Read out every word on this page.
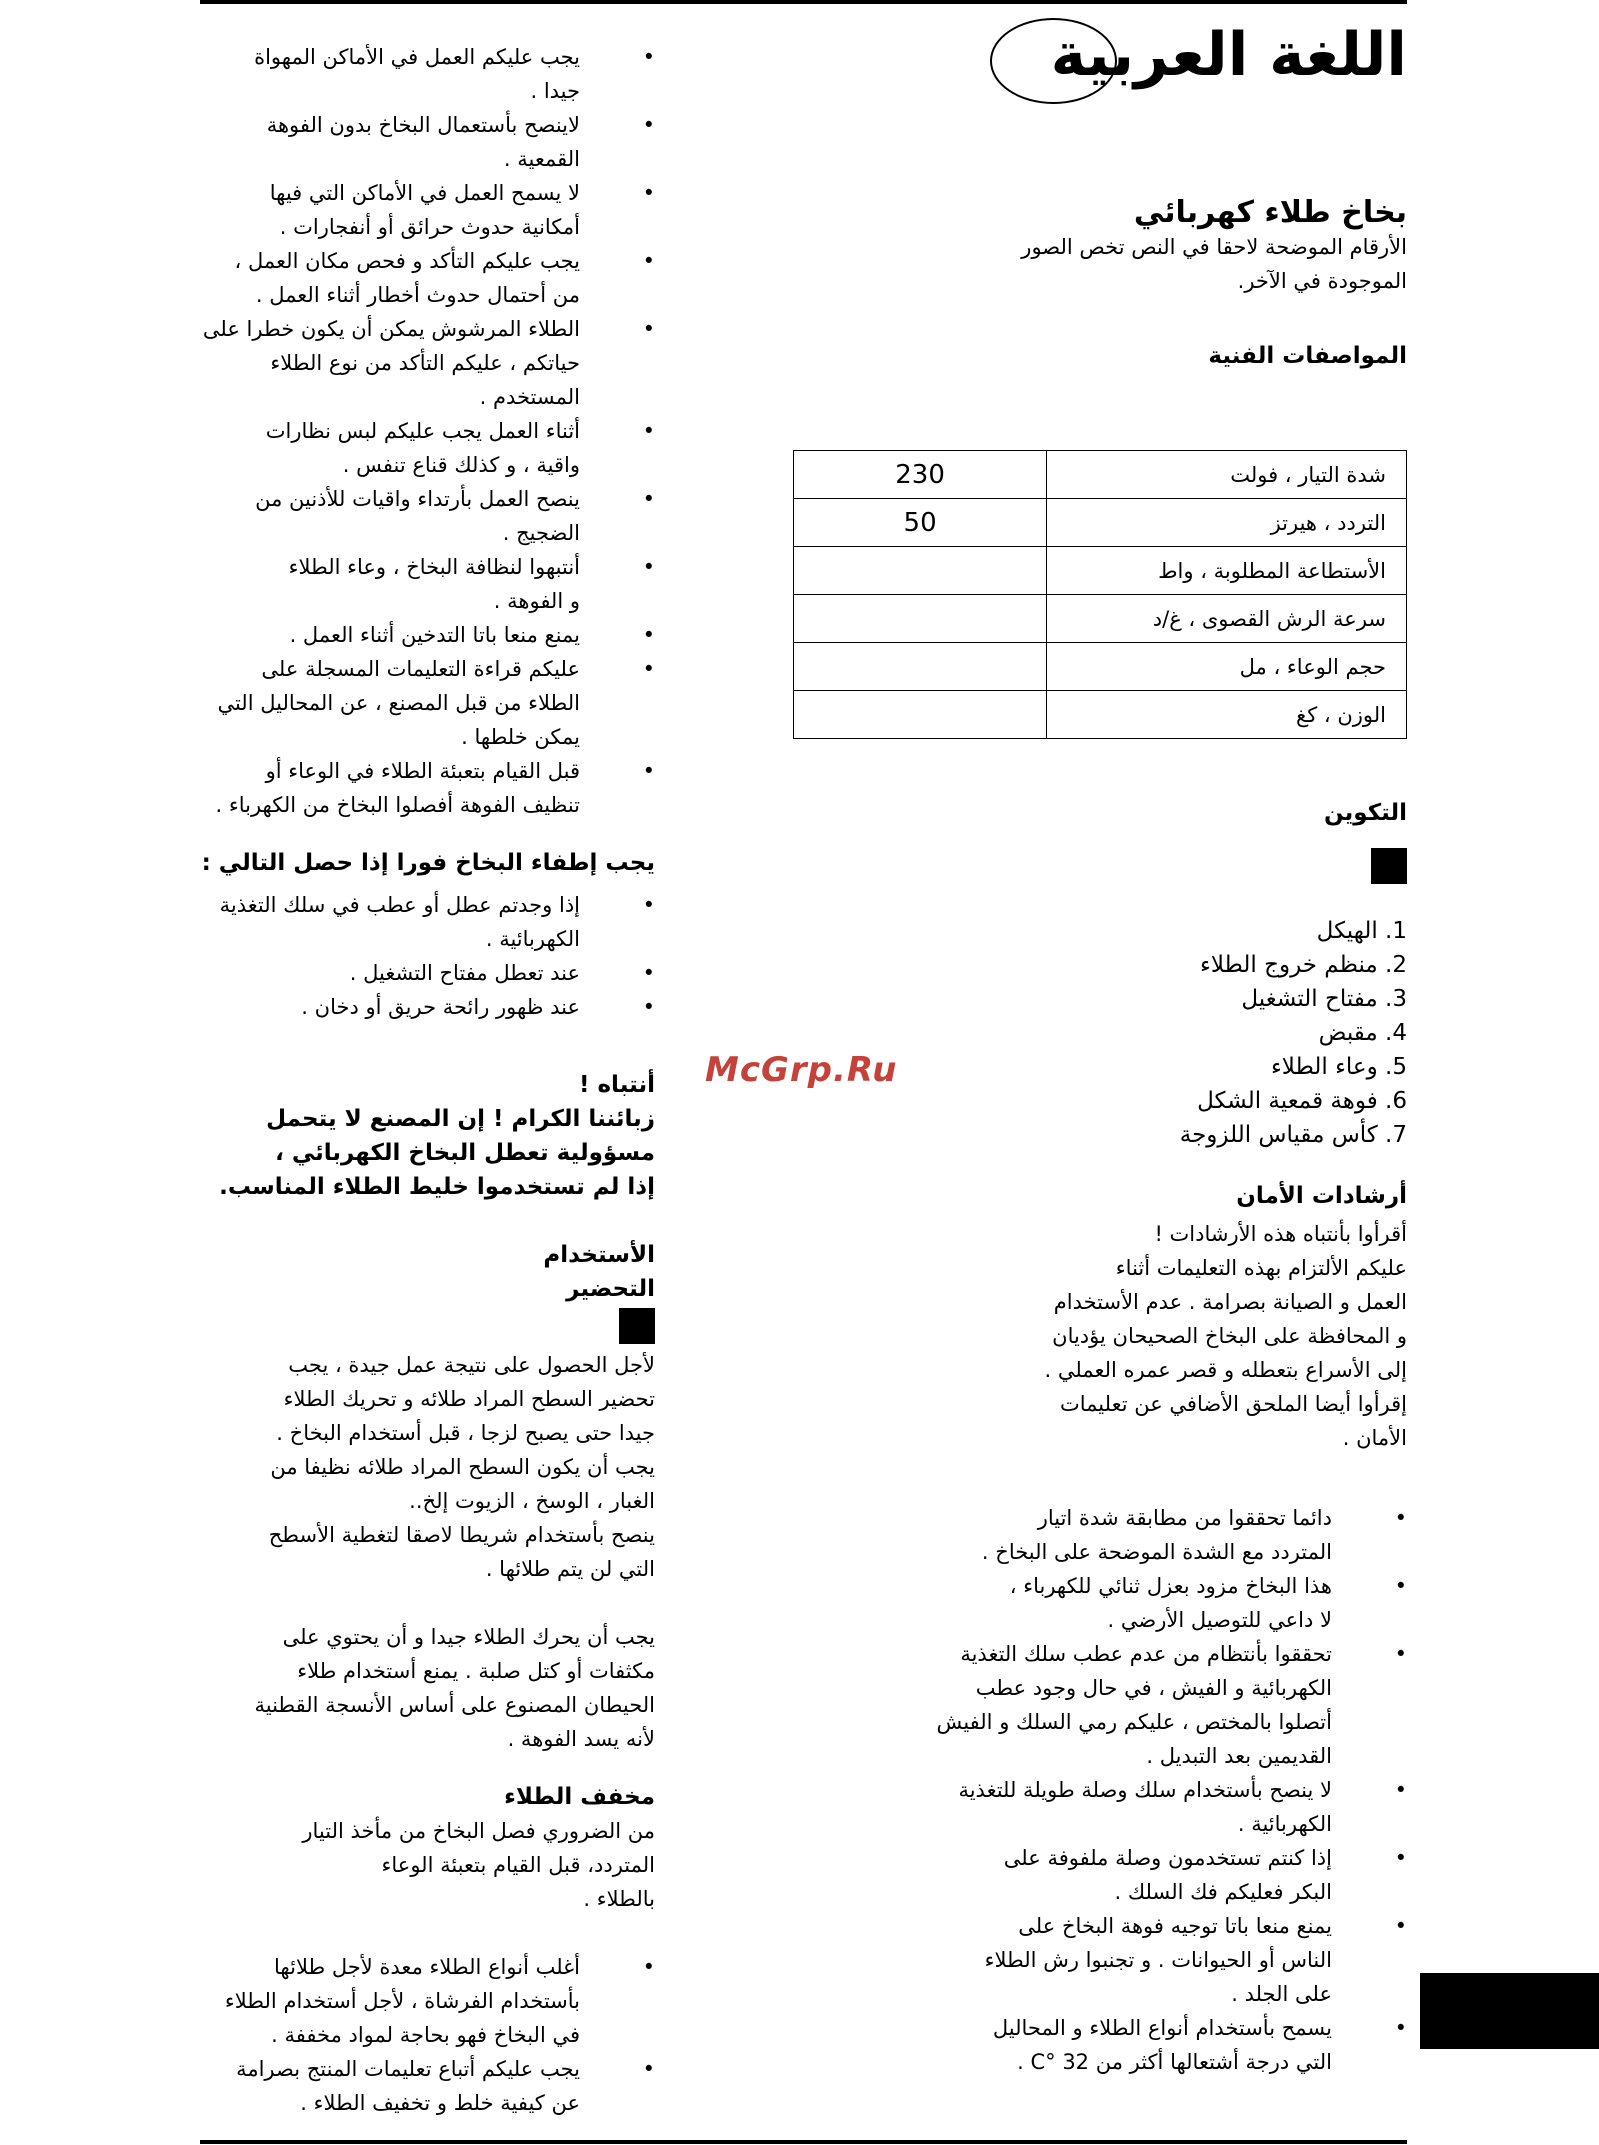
اللغة العربية
بخاخ طلاء كهربائي

الأرقام الموضحة لاحقا في النص تخص الصور

الموجودة في الآخر.

المواصفات الفنية
التكوين
1. الهيكل
2. منظم خروج الطلاء
3. مفتاح التشغيل
4. مقبض
5. وعاء الطلاء
6. فوهة قمعية الشكل
7. كأس مقياس اللزوجة
أرشادات الأمان

أقرأوا بأنتباه هذه الأرشادات !

عليكم الألتزام بهذه التعليمات أثناء

العمل و الصيانة بصرامة . عدم الأستخدام

و المحافظة على البخاخ الصحيحان يؤديان

إلى الأسراع بتعطله و قصر عمره العملي .

إقرأوا أيضا الملحق الأضافي عن تعليمات

الأمان .

• دائما تحققوا من مطابقة شدة اتيار
المتردد مع الشدة الموضحة على البخاخ .
• هذا البخاخ مزود بعزل ثنائي للكهرباء ،
لا داعي للتوصيل الأرضي .
• تحققوا بأنتظام من عدم عطب سلك التغذية
الكهربائية و الفيش ، في حال وجود عطب
أتصلوا بالمختص ، عليكم رمي السلك و الفيش
القديمين بعد التبديل .
• لا ينصح بأستخدام سلك وصلة طويلة للتغذية
الكهربائية .
• إذا كنتم تستخدمون وصلة ملفوفة على
البكر فعليكم فك السلك .
• يمنع منعا باتا توجيه فوهة البخاخ على
الناس أو الحيوانات . و تجنبوا رش الطلاء
على الجلد .
• يسمح بأستخدام أنواع الطلاء و المحاليل
التي درجة أشتعالها أكثر من 32 °C .
230	شدة التيار ، فولت
50	التردد ، هيرتز
	الأستطاعة المطلوبة ، واط
	سرعة الرش القصوى ، غ/د
	حجم الوعاء ، مل
	الوزن ، كغ
• يجب عليكم العمل في الأماكن المهواة
جيدا .
• لاينصح بأستعمال البخاخ بدون الفوهة
القمعية .
• لا يسمح العمل في الأماكن التي فيها
أمكانية حدوث حرائق أو أنفجارات .
• يجب عليكم التأكد و فحص مكان العمل ،
من أحتمال حدوث أخطار أثناء العمل .
• الطلاء المرشوش يمكن أن يكون خطرا على
حياتكم ، عليكم التأكد من نوع الطلاء
المستخدم .
• أثناء العمل يجب عليكم لبس نظارات
واقية ، و كذلك قناع تنفس .
• ينصح العمل بأرتداء واقيات للأذنين من
الضجيج .
• أنتبهوا لنظافة البخاخ ، وعاء الطلاء
و الفوهة .
• يمنع منعا باتا التدخين أثناء العمل .
• عليكم قراءة التعليمات المسجلة على
الطلاء من قبل المصنع ، عن المحاليل التي
يمكن خلطها .
• قبل القيام بتعبئة الطلاء في الوعاء أو
تنظيف الفوهة أفصلوا البخاخ من الكهرباء .
يجب إطفاء البخاخ فورا إذا حصل التالي :
• إذا وجدتم عطل أو عطب في سلك التغذية
الكهربائية .
• عند تعطل مفتاح التشغيل .
• عند ظهور رائحة حريق أو دخان .
أنتباه !
زبائننا الكرام ! إن المصنع لا يتحمل
مسؤولية تعطل البخاخ الكهربائي ،
إذا لم تستخدموا خليط الطلاء المناسب.
الأستخدام
التحضير

لأجل الحصول على نتيجة عمل جيدة ، يجب

تحضير السطح المراد طلائه و تحريك الطلاء

جيدا حتى يصبح لزجا ، قبل أستخدام البخاخ .

يجب أن يكون السطح المراد طلائه نظيفا من

الغبار ، الوسخ ، الزيوت إلخ..

ينصح بأستخدام شريطا لاصقا لتغطية الأسطح

التي لن يتم طلائها .

يجب أن يحرك الطلاء جيدا و أن يحتوي على

مكثفات أو كتل صلبة . يمنع أستخدام طلاء

الحيطان المصنوع على أساس الأنسجة القطنية

لأنه يسد الفوهة .

مخفف الطلاء

من الضروري فصل البخاخ من مأخذ التيار

المتردد، قبل القيام بتعبئة الوعاء

بالطلاء .

• أغلب أنواع الطلاء معدة لأجل طلائها
بأستخدام الفرشاة ، لأجل أستخدام الطلاء
في البخاخ فهو بحاجة لمواد مخففة .
• يجب عليكم أتباع تعليمات المنتج بصرامة
عن كيفية خلط و تخفيف الطلاء .
McGrp.Ru
